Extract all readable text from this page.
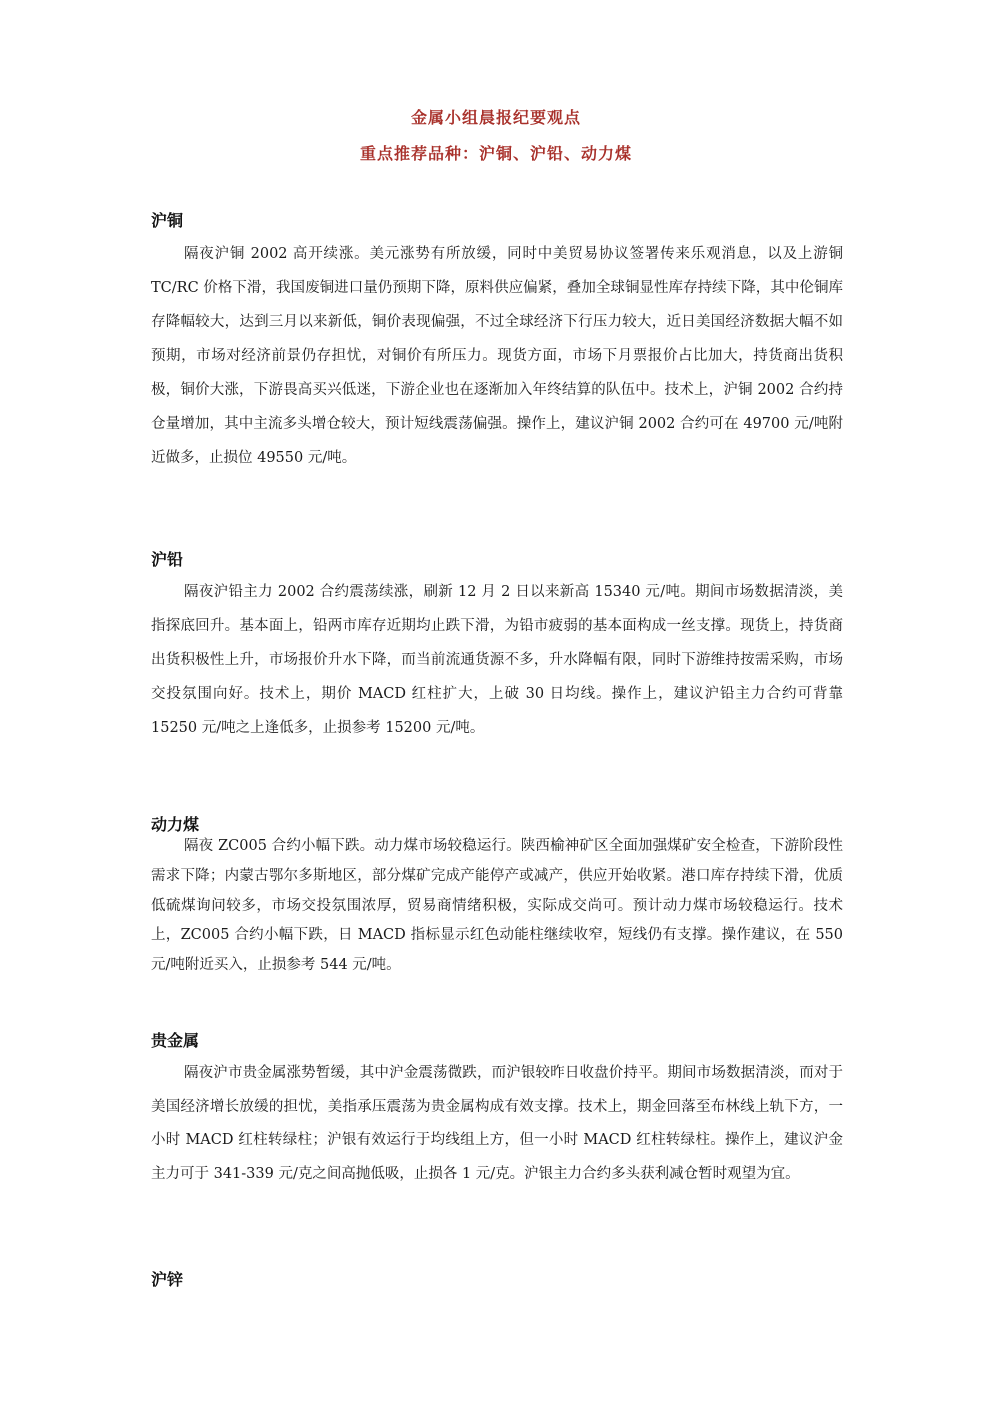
金属小组晨报纪要观点
重点推荐品种：沪铜、沪铅、动力煤
沪铜

隔夜沪铜 2002 高开续涨。美元涨势有所放缓，同时中美贸易协议签署传来乐观消息，以及上游铜 TC/RC 价格下滑，我国废铜进口量仍预期下降，原料供应偏紧，叠加全球铜显性库存持续下降，其中伦铜库存降幅较大，达到三月以来新低，铜价表现偏强，不过全球经济下行压力较大，近日美国经济数据大幅不如预期，市场对经济前景仍存担忧，对铜价有所压力。现货方面，市场下月票报价占比加大，持货商出货积极，铜价大涨，下游畏高买兴低迷，下游企业也在逐渐加入年终结算的队伍中。技术上，沪铜 2002 合约持仓量增加，其中主流多头增仓较大，预计短线震荡偏强。操作上，建议沪铜 2002 合约可在 49700 元/吨附近做多，止损位 49550 元/吨。

沪铅

隔夜沪铅主力 2002 合约震荡续涨，刷新 12 月 2 日以来新高 15340 元/吨。期间市场数据清淡，美指探底回升。基本面上，铅两市库存近期均止跌下滑，为铅市疲弱的基本面构成一丝支撑。现货上，持货商出货积极性上升，市场报价升水下降，而当前流通货源不多，升水降幅有限，同时下游维持按需采购，市场交投氛围向好。技术上，期价 MACD 红柱扩大，上破 30 日均线。操作上，建议沪铅主力合约可背靠 15250 元/吨之上逢低多，止损参考 15200 元/吨。

动力煤

隔夜 ZC005 合约小幅下跌。动力煤市场较稳运行。陕西榆神矿区全面加强煤矿安全检查，下游阶段性需求下降；内蒙古鄂尔多斯地区，部分煤矿完成产能停产或减产，供应开始收紧。港口库存持续下滑，优质低硫煤询问较多，市场交投氛围浓厚，贸易商情绪积极，实际成交尚可。预计动力煤市场较稳运行。技术上，ZC005 合约小幅下跌，日 MACD 指标显示红色动能柱继续收窄，短线仍有支撑。操作建议，在 550 元/吨附近买入，止损参考 544 元/吨。

贵金属

隔夜沪市贵金属涨势暂缓，其中沪金震荡微跌，而沪银较昨日收盘价持平。期间市场数据清淡，而对于美国经济增长放缓的担忧，美指承压震荡为贵金属构成有效支撑。技术上，期金回落至布林线上轨下方，一小时 MACD 红柱转绿柱；沪银有效运行于均线组上方，但一小时 MACD 红柱转绿柱。操作上，建议沪金主力可于 341-339 元/克之间高抛低吸，止损各 1 元/克。沪银主力合约多头获利减仓暂时观望为宜。

沪锌
